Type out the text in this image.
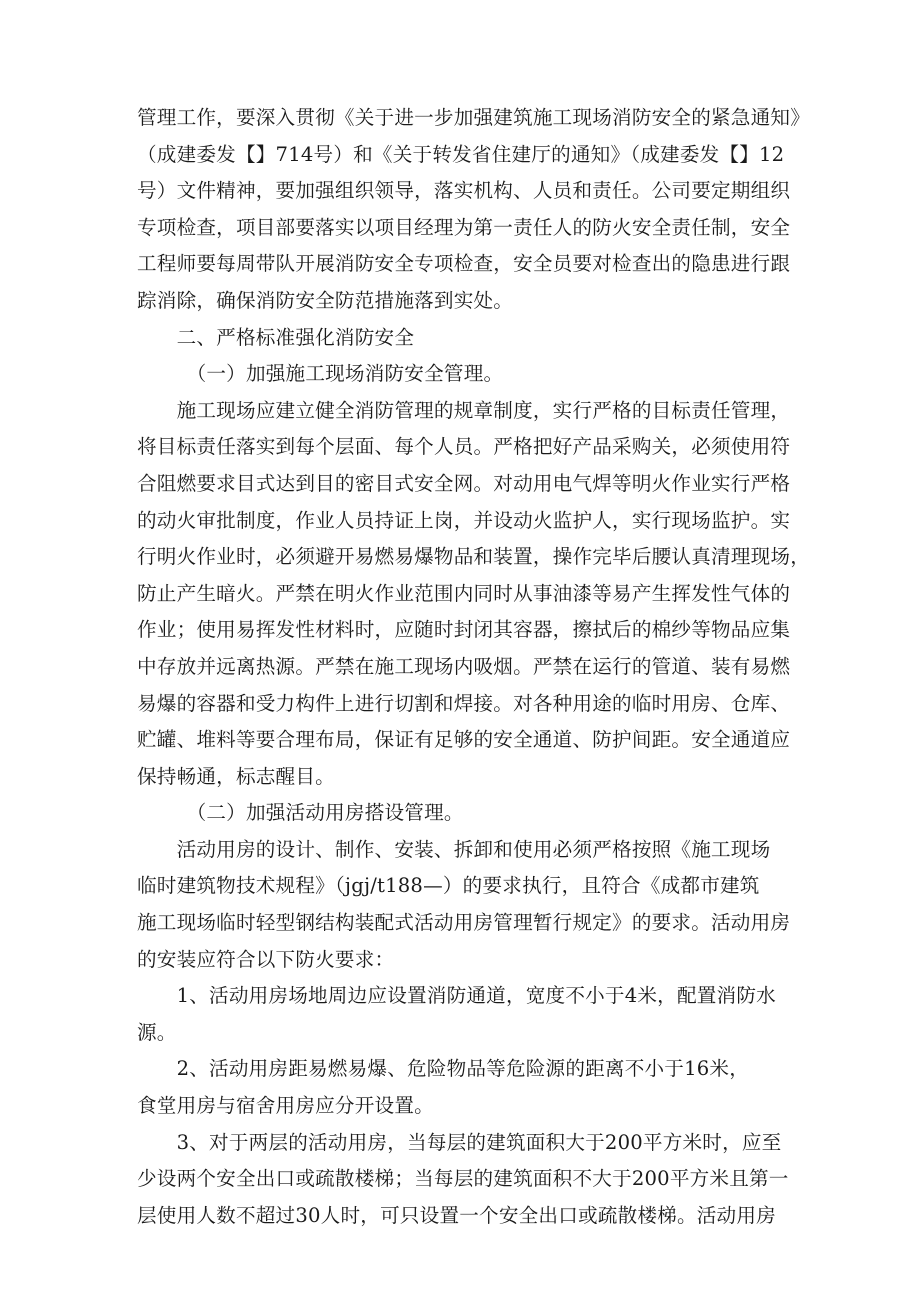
管理工作，要深入贯彻《关于进一步加强建筑施工现场消防安全的紧急通知》

（成建委发【】714号）和《关于转发省住建厅的通知》（成建委发【】12

号）文件精神，要加强组织领导，落实机构、人员和责任。公司要定期组织

专项检查，项目部要落实以项目经理为第一责任人的防火安全责任制，安全

工程师要每周带队开展消防安全专项检查，安全员要对检查出的隐患进行跟

踪消除，确保消防安全防范措施落到实处。

　　二、严格标准强化消防安全

　　　（一）加强施工现场消防安全管理。

　　施工现场应建立健全消防管理的规章制度，实行严格的目标责任管理，

将目标责任落实到每个层面、每个人员。严格把好产品采购关，必须使用符

合阻燃要求目式达到目的密目式安全网。对动用电气焊等明火作业实行严格

的动火审批制度，作业人员持证上岗，并设动火监护人，实行现场监护。实

行明火作业时，必须避开易燃易爆物品和装置，操作完毕后腰认真清理现场，

防止产生暗火。严禁在明火作业范围内同时从事油漆等易产生挥发性气体的

作业；使用易挥发性材料时，应随时封闭其容器，擦拭后的棉纱等物品应集

中存放并远离热源。严禁在施工现场内吸烟。严禁在运行的管道、装有易燃

易爆的容器和受力构件上进行切割和焊接。对各种用途的临时用房、仓库、

贮罐、堆料等要合理布局，保证有足够的安全通道、防护间距。安全通道应

保持畅通，标志醒目。

　　　（二）加强活动用房搭设管理。

　　活动用房的设计、制作、安装、拆卸和使用必须严格按照《施工现场

临时建筑物技术规程》（jgj/t188—）的要求执行，且符合《成都市建筑

施工现场临时轻型钢结构装配式活动用房管理暂行规定》的要求。活动用房

的安装应符合以下防火要求：

　　1、活动用房场地周边应设置消防通道，宽度不小于4米，配置消防水

源。

　　2、活动用房距易燃易爆、危险物品等危险源的距离不小于16米，

食堂用房与宿舍用房应分开设置。

　　3、对于两层的活动用房，当每层的建筑面积大于200平方米时，应至

少设两个安全出口或疏散楼梯；当每层的建筑面积不大于200平方米且第一

层使用人数不超过30人时，可只设置一个安全出口或疏散楼梯。活动用房
